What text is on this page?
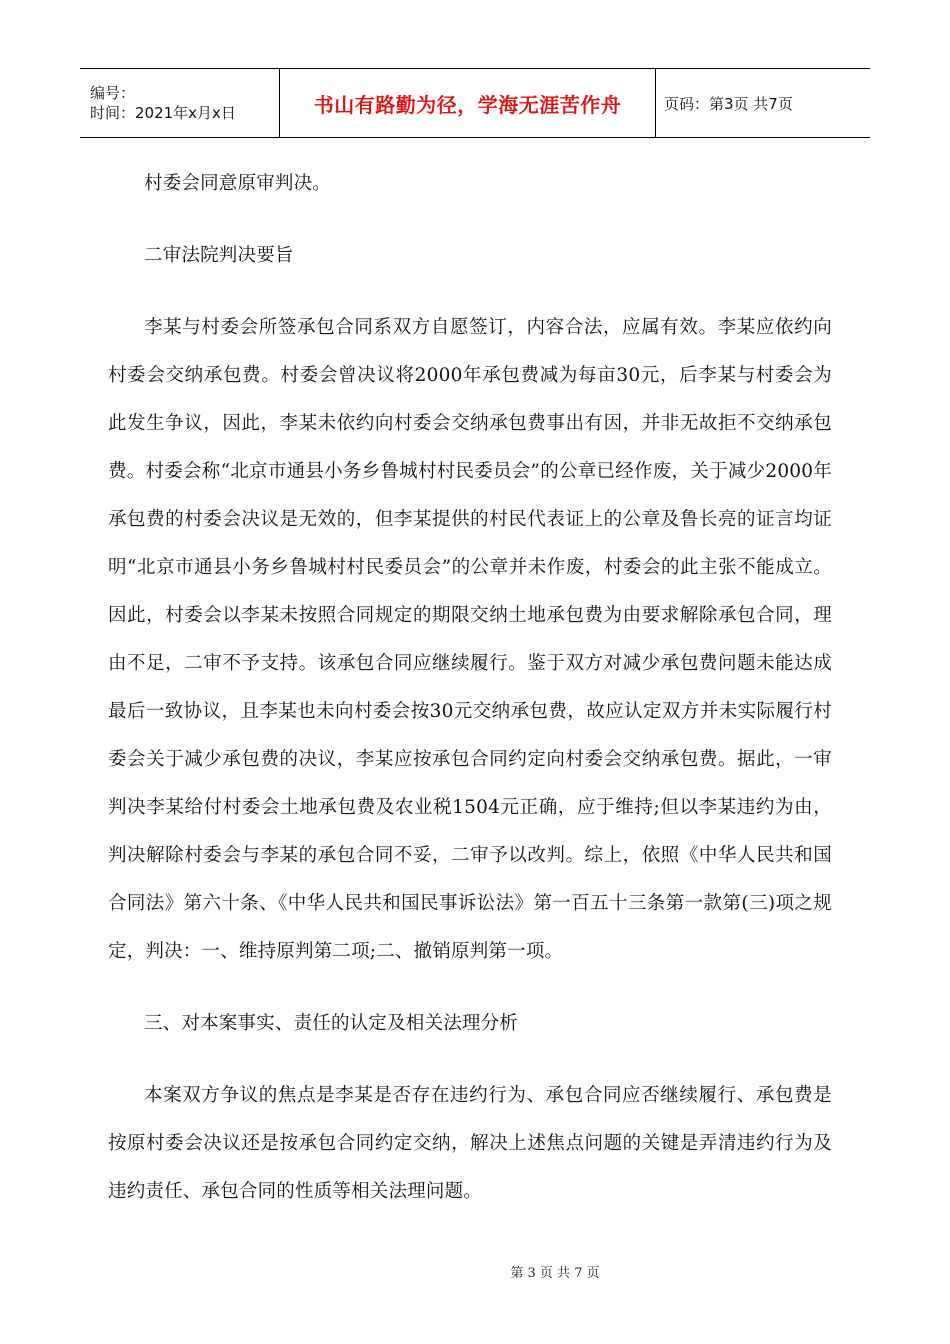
编号：
时间：2021年x月x日	书山有路勤为径，学海无涯苦作舟	页码：第3页 共7页

村委会同意原审判决。

二审法院判决要旨

李某与村委会所签承包合同系双方自愿签订，内容合法，应属有效。李某应依约向村委会交纳承包费。村委会曾决议将2000年承包费减为每亩30元，后李某与村委会为此发生争议，因此，李某未依约向村委会交纳承包费事出有因，并非无故拒不交纳承包费。村委会称“北京市通县小务乡鲁城村村民委员会”的公章已经作废，关于减少2000年承包费的村委会决议是无效的，但李某提供的村民代表证上的公章及鲁长亮的证言均证明“北京市通县小务乡鲁城村村民委员会”的公章并未作废，村委会的此主张不能成立。因此，村委会以李某未按照合同规定的期限交纳土地承包费为由要求解除承包合同，理由不足，二审不予支持。该承包合同应继续履行。鉴于双方对减少承包费问题未能达成最后一致协议，且李某也未向村委会按30元交纳承包费，故应认定双方并未实际履行村委会关于减少承包费的决议，李某应按承包合同约定向村委会交纳承包费。据此，一审判决李某给付村委会土地承包费及农业税1504元正确，应于维持;但以李某违约为由，判决解除村委会与李某的承包合同不妥，二审予以改判。综上，依照《中华人民共和国合同法》第六十条、《中华人民共和国民事诉讼法》第一百五十三条第一款第(三)项之规定，判决：一、维持原判第二项;二、撤销原判第一项。

三、对本案事实、责任的认定及相关法理分析

本案双方争议的焦点是李某是否存在违约行为、承包合同应否继续履行、承包费是按原村委会决议还是按承包合同约定交纳，解决上述焦点问题的关键是弄清违约行为及违约责任、承包合同的性质等相关法理问题。

第 3 页 共 7 页
